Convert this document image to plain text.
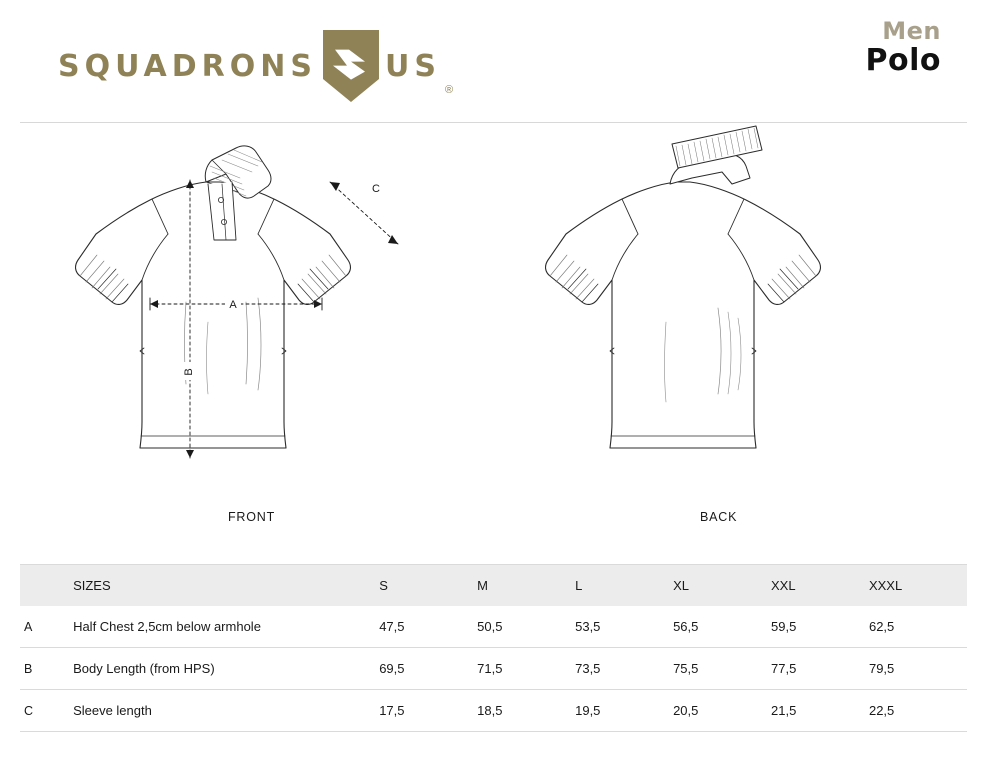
SQUADRONS US
®
Men
Polo
A
B
C
FRONT	BACK
	SIZES	S	M	L	XL	XXL	XXXL
A	Half Chest 2,5cm below armhole	47,5	50,5	53,5	56,5	59,5	62,5
B	Body Length (from HPS)	69,5	71,5	73,5	75,5	77,5	79,5
C	Sleeve length	17,5	18,5	19,5	20,5	21,5	22,5
